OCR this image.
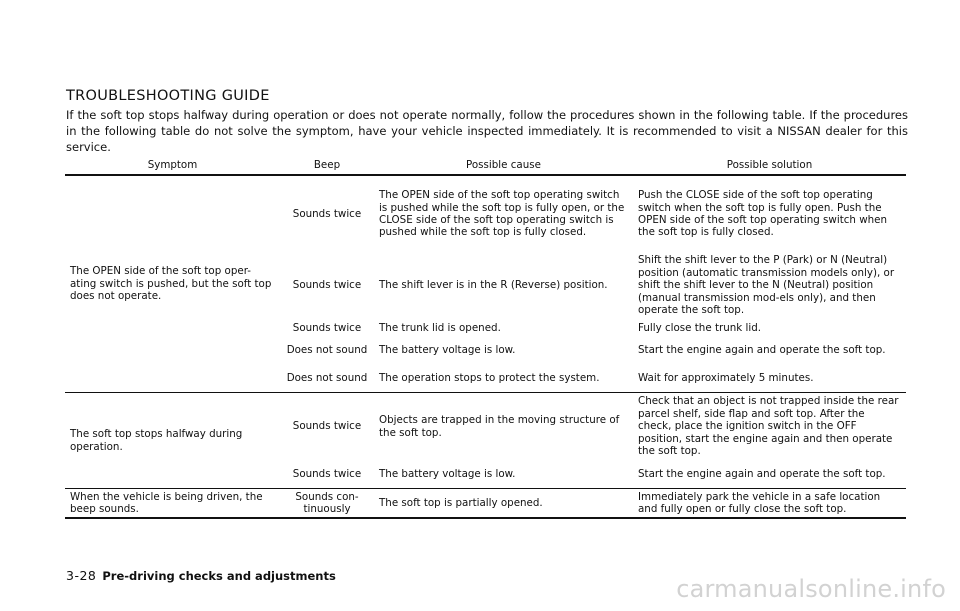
TROUBLESHOOTING GUIDE
If the soft top stops halfway during operation or does not operate normally, follow the procedures shown in the following table. If the procedures in the following table do not solve the symptom, have your vehicle inspected immediately. It is recommended to visit a NISSAN dealer for this service.
Symptom	Beep	Possible cause	Possible solution
The OPEN side of the soft top oper-ating switch is pushed, but the soft top does not operate.	Sounds twice	The OPEN side of the soft top operating switch is pushed while the soft top is fully open, or the CLOSE side of the soft top operating switch is pushed while the soft top is fully closed.	Push the CLOSE side of the soft top operating switch when the soft top is fully open. Push the OPEN side of the soft top operating switch when the soft top is fully closed.
	Sounds twice	The shift lever is in the R (Reverse) position.	Shift the shift lever to the P (Park) or N (Neutral) position (automatic transmission models only), or shift the shift lever to the N (Neutral) position (manual transmission mod-els only), and then operate the soft top.
	Sounds twice	The trunk lid is opened.	Fully close the trunk lid.
	Does not sound	The battery voltage is low.	Start the engine again and operate the soft top.
	Does not sound	The operation stops to protect the system.	Wait for approximately 5 minutes.
The soft top stops halfway during operation.	Sounds twice	Objects are trapped in the moving structure of the soft top.	Check that an object is not trapped inside the rear parcel shelf, side flap and soft top. After the check, place the ignition switch in the OFF position, start the engine again and then operate the soft top.
	Sounds twice	The battery voltage is low.	Start the engine again and operate the soft top.
When the vehicle is being driven, the beep sounds.	Sounds con-tinuously	The soft top is partially opened.	Immediately park the vehicle in a safe location and fully open or fully close the soft top.
3-28 Pre-driving checks and adjustments	carmanualsonline.info
